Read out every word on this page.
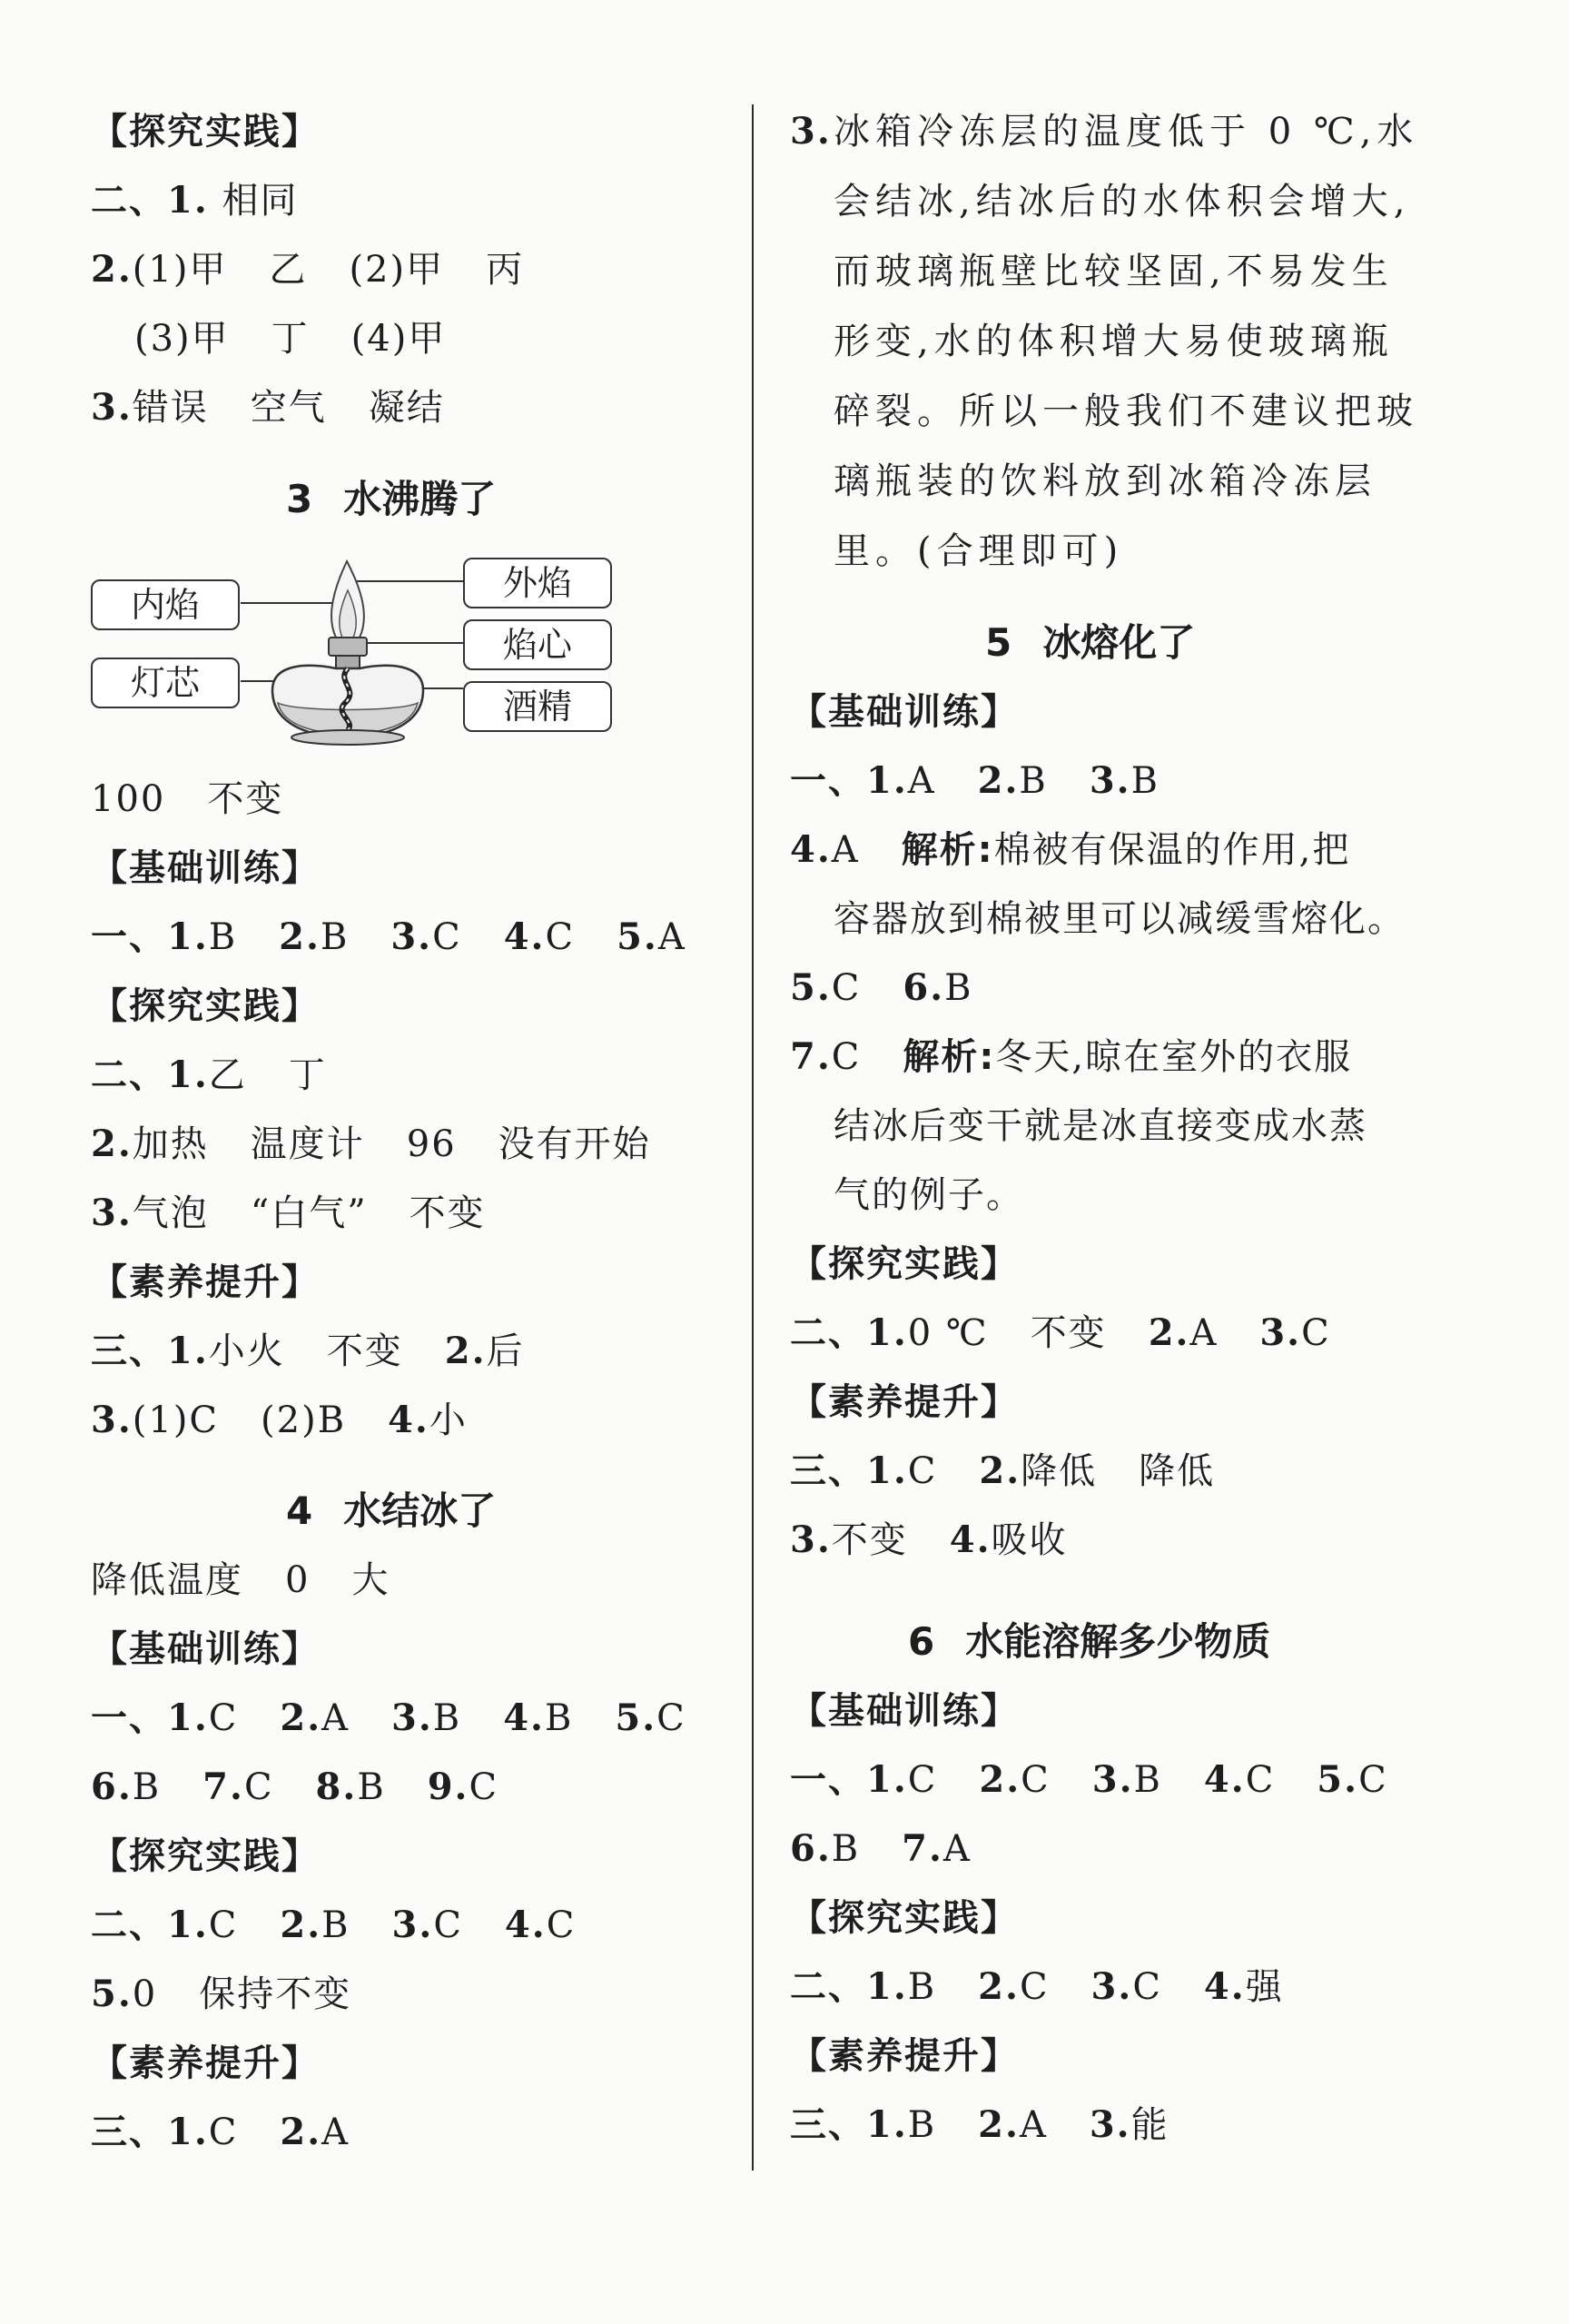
【探究实践】
二、1. 相同
2.(1)甲 乙 (2)甲 丙
(3)甲 丁 (4)甲
3.错误 空气 凝结
3 水沸腾了
内焰
灯芯
外焰
焰心
酒精
100 不变
【基础训练】
一、1.B 2.B 3.C 4.C 5.A
【探究实践】
二、1.乙 丁
2.加热 温度计 96 没有开始
3.气泡 “白气” 不变
【素养提升】
三、1.小火 不变 2.后
3.(1)C (2)B 4.小
4 水结冰了
降低温度 0 大
【基础训练】
一、1.C 2.A 3.B 4.B 5.C
6.B 7.C 8.B 9.C
【探究实践】
二、1.C 2.B 3.C 4.C
5.0 保持不变
【素养提升】
三、1.C 2.A
3. 冰箱冷冻层的温度低于 0 ℃,水
会结冰,结冰后的水体积会增大,
而玻璃瓶壁比较坚固,不易发生
形变,水的体积增大易使玻璃瓶
碎裂。所以一般我们不建议把玻
璃瓶装的饮料放到冰箱冷冻层
里。(合理即可)
5 冰熔化了
【基础训练】
一、1.A 2.B 3.B
4.A 解析:棉被有保温的作用,把
容器放到棉被里可以减缓雪熔化。
5.C 6.B
7.C 解析:冬天,晾在室外的衣服
结冰后变干就是冰直接变成水蒸
气的例子。
【探究实践】
二、1.0 ℃ 不变 2.A 3.C
【素养提升】
三、1.C 2.降低 降低
3.不变 4.吸收
6 水能溶解多少物质
【基础训练】
一、1.C 2.C 3.B 4.C 5.C
6.B 7.A
【探究实践】
二、1.B 2.C 3.C 4.强
【素养提升】
三、1.B 2.A 3.能
